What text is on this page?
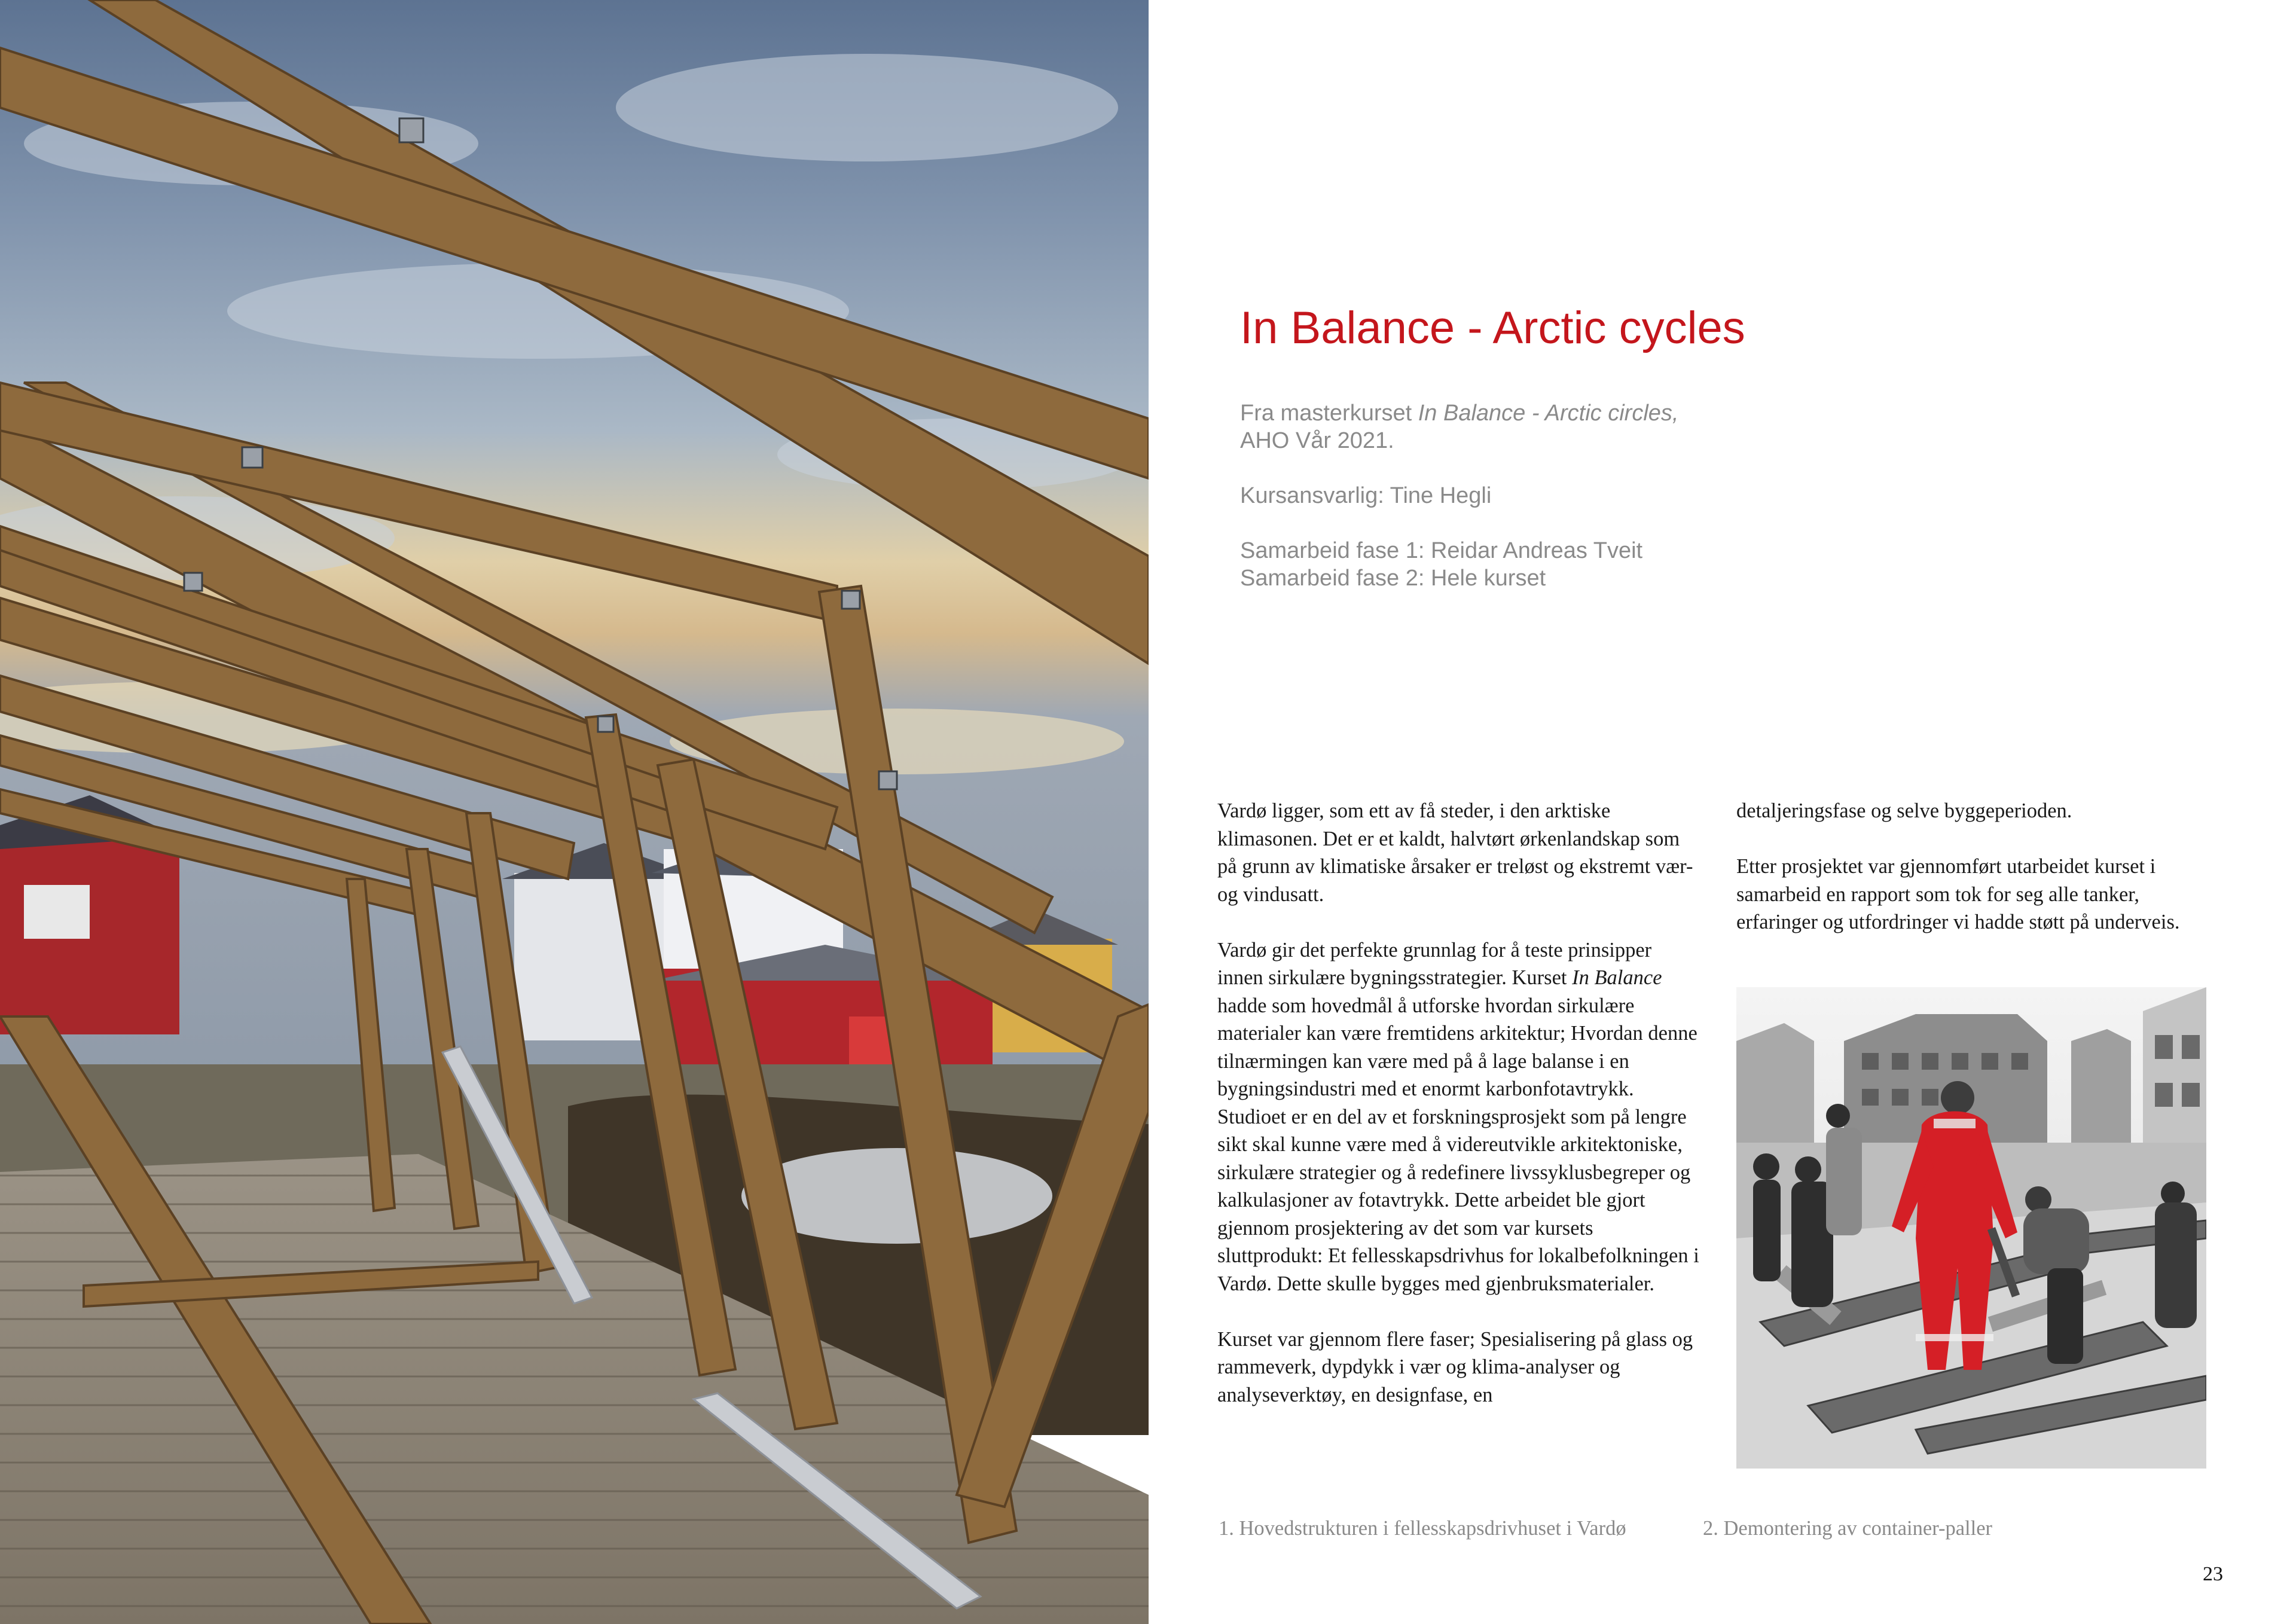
In Balance - Arctic cycles

Fra masterkurset In Balance - Arctic circles,
AHO Vår 2021.

Kursansvarlig: Tine Hegli

Samarbeid fase 1: Reidar Andreas Tveit
Samarbeid fase 2: Hele kurset

Vardø ligger, som ett av få steder, i den arktiske klimasonen. Det er et kaldt, halvtørt ørkenlandskap som på grunn av klimatiske årsaker er treløst og ekstremt vær- og vindusatt.

Vardø gir det perfekte grunnlag for å teste prinsipper innen sirkulære bygningsstrategier. Kurset In Balance hadde som hovedmål å utforske hvordan sirkulære materialer kan være fremtidens arkitektur; Hvordan denne tilnærmingen kan være med på å lage balanse i en bygningsindustri med et enormt karbonfotavtrykk. Studioet er en del av et forskningsprosjekt som på lengre sikt skal kunne være med å videreutvikle arkitektoniske, sirkulære strategier og å redefinere livssyklusbegreper og kalkulasjoner av fotavtrykk. Dette arbeidet ble gjort gjennom prosjektering av det som var kursets sluttprodukt: Et fellesskapsdrivhus for lokalbefolkningen i Vardø. Dette skulle bygges med gjenbruksmaterialer.

Kurset var gjennom flere faser; Spesialisering på glass og rammeverk, dypdykk i vær og klima-analyser og analyseverktøy, en designfase, en

detaljeringsfase og selve byggeperioden.

Etter prosjektet var gjennomført utarbeidet kurset i samarbeid en rapport som tok for seg alle tanker, erfaringer og utfordringer vi hadde støtt på underveis.

1. Hovedstrukturen i fellesskapsdrivhuset i Vardø	2. Demontering av container-paller
23
